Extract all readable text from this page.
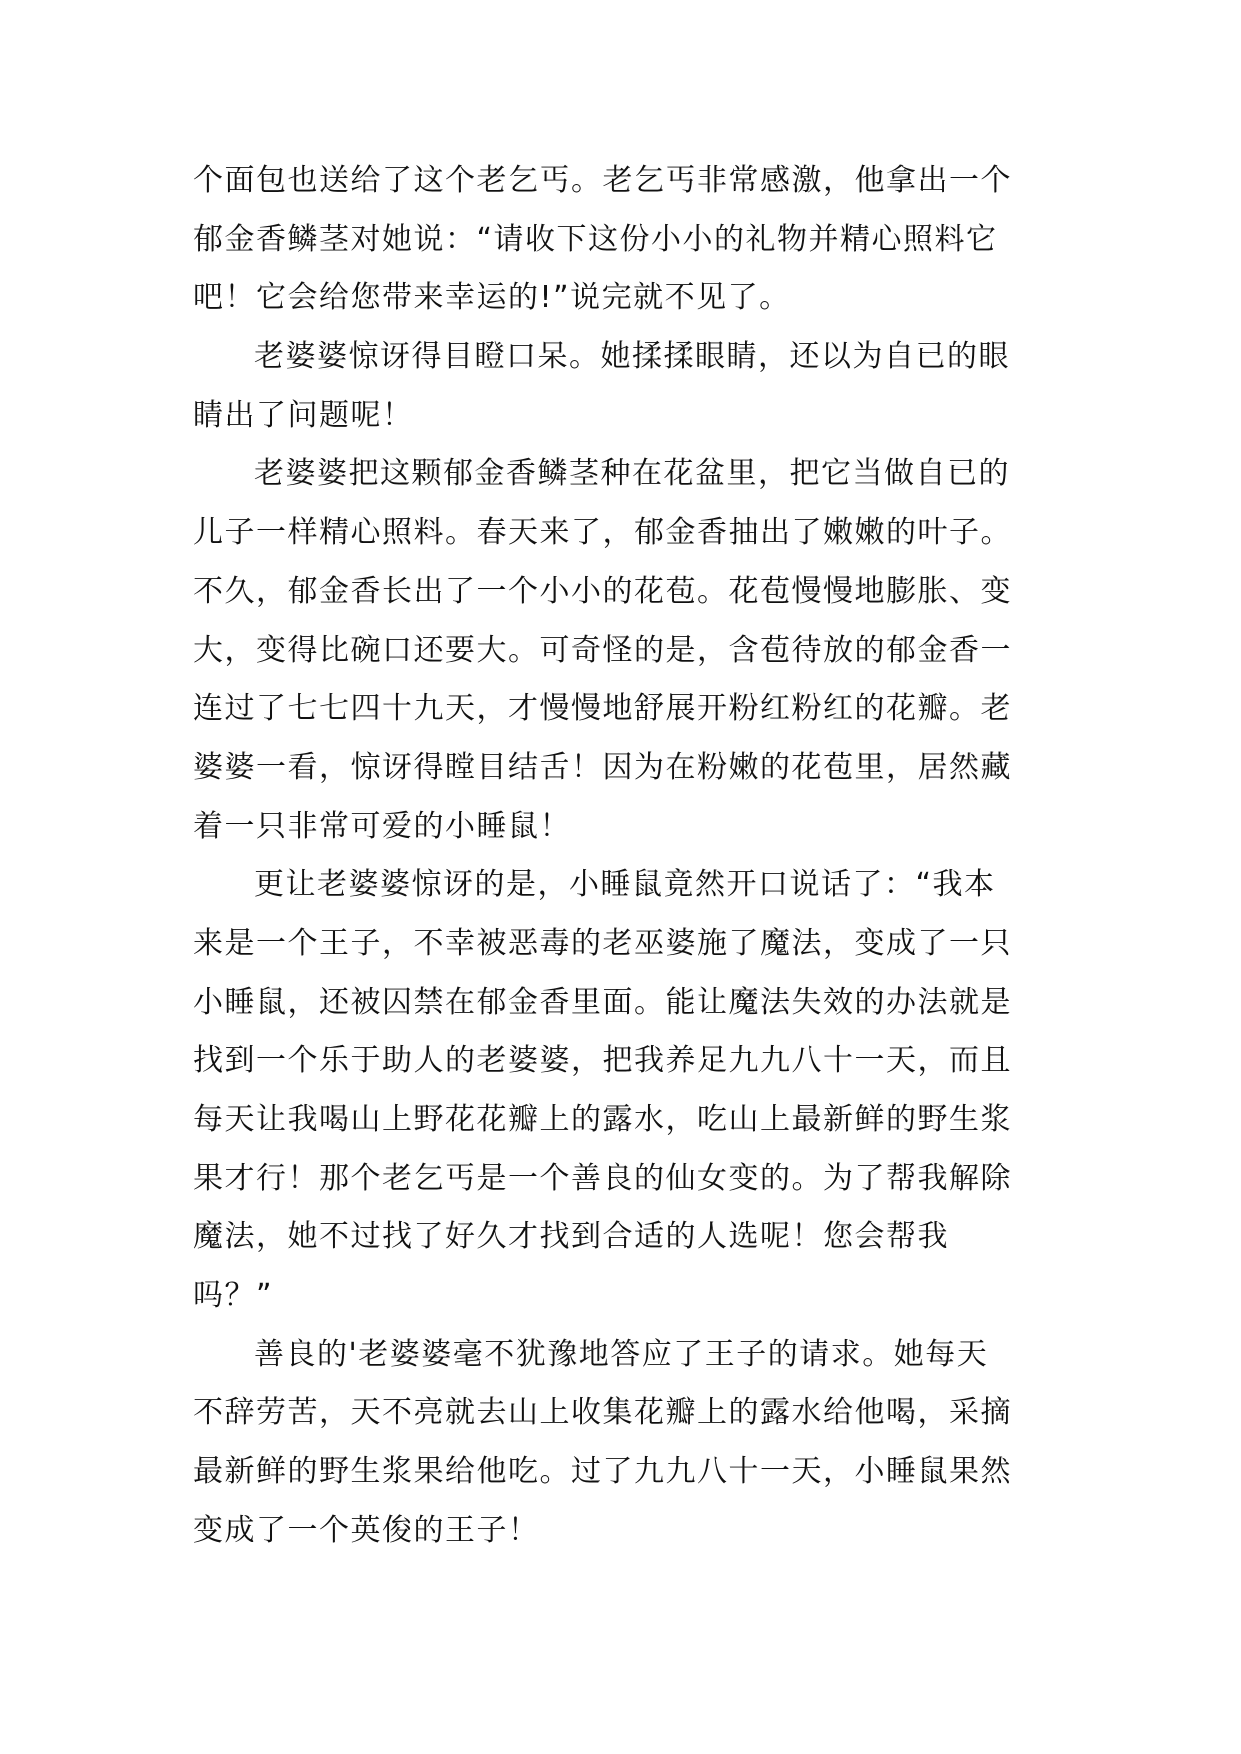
个面包也送给了这个老乞丐。老乞丐非常感激，他拿出一个
郁金香鳞茎对她说：“请收下这份小小的礼物并精心照料它
吧！它会给您带来幸运的!”说完就不见了。
老婆婆惊讶得目瞪口呆。她揉揉眼睛，还以为自已的眼
睛出了问题呢！
老婆婆把这颗郁金香鳞茎种在花盆里，把它当做自已的
儿子一样精心照料。春天来了，郁金香抽出了嫩嫩的叶子。
不久，郁金香长出了一个小小的花苞。花苞慢慢地膨胀、变
大，变得比碗口还要大。可奇怪的是，含苞待放的郁金香一
连过了七七四十九天，才慢慢地舒展开粉红粉红的花瓣。老
婆婆一看，惊讶得瞠目结舌！因为在粉嫩的花苞里，居然藏
着一只非常可爱的小睡鼠！
更让老婆婆惊讶的是，小睡鼠竟然开口说话了：“我本
来是一个王子，不幸被恶毒的老巫婆施了魔法，变成了一只
小睡鼠，还被囚禁在郁金香里面。能让魔法失效的办法就是
找到一个乐于助人的老婆婆，把我养足九九八十一天，而且
每天让我喝山上野花花瓣上的露水，吃山上最新鲜的野生浆
果才行！那个老乞丐是一个善良的仙女变的。为了帮我解除
魔法，她不过找了好久才找到合适的人选呢！您会帮我
吗？”
善良的'老婆婆毫不犹豫地答应了王子的请求。她每天
不辞劳苦，天不亮就去山上收集花瓣上的露水给他喝，采摘
最新鲜的野生浆果给他吃。过了九九八十一天，小睡鼠果然
变成了一个英俊的王子！
